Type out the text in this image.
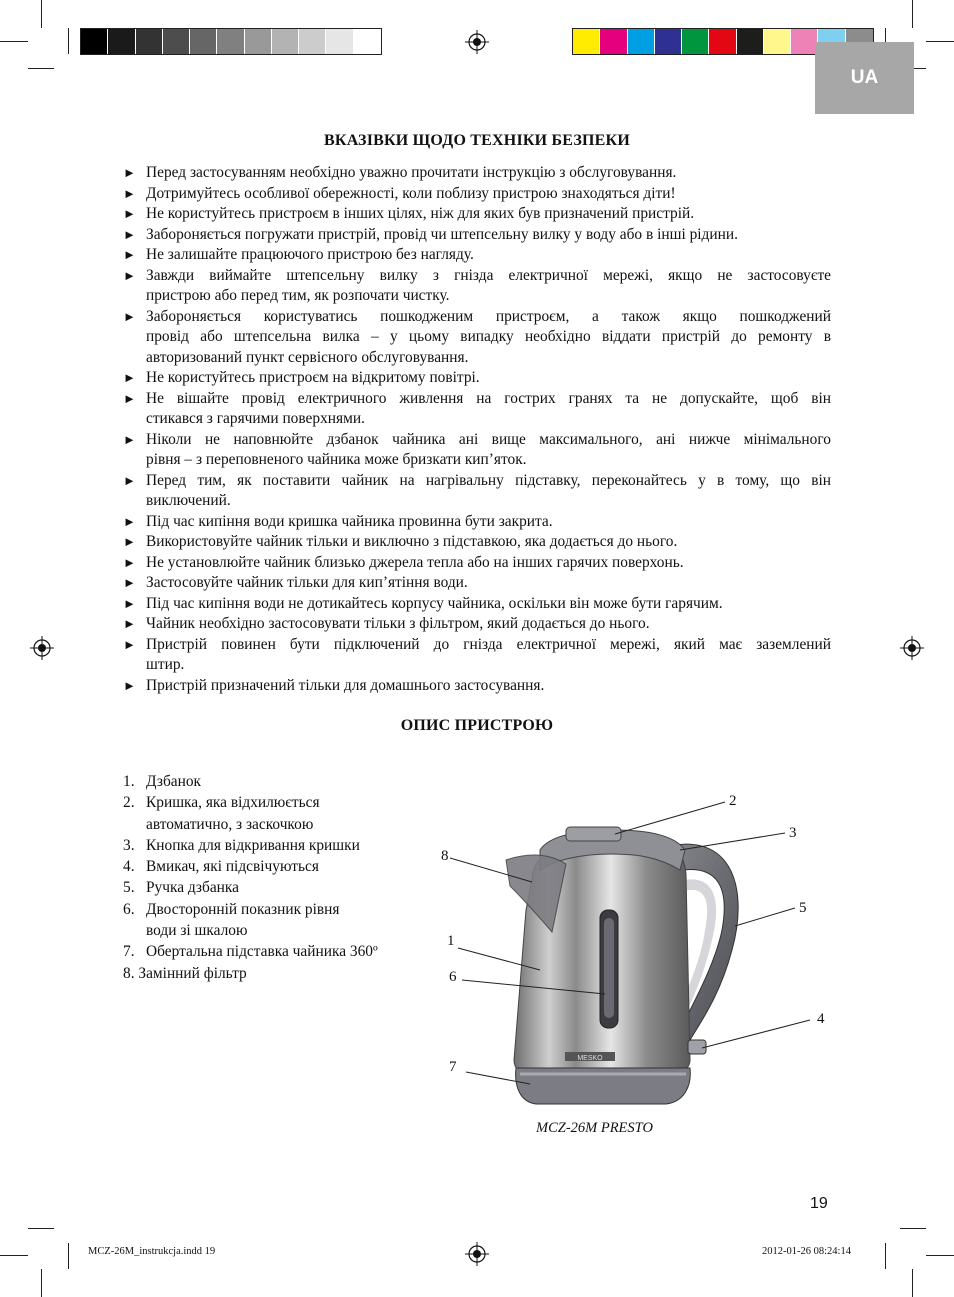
UA
ВКАЗІВКИ ЩОДО ТЕХНІКИ БЕЗПЕКИ
► Перед застосуванням необхідно уважно прочитати інструкцію з обслуговування.
► Дотримуйтесь особливої обережності, коли поблизу пристрою знаходяться діти!
► Не користуйтесь пристроєм в інших цілях, ніж для яких був призначений пристрій.
► Забороняється погружати пристрій, провід чи штепсельну вилку у воду або в інші рідини.
► Не залишайте працюючого пристрою без нагляду.
► Завжди виймайте штепсельну вилку з гнізда електричної мережі, якщо не застосовуєте
пристрою або перед тим, як розпочати чистку.
► Забороняється користуватись пошкодженим пристроєм, а також якщо пошкоджений
провід або штепсельна вилка – у цьому випадку необхідно віддати пристрій до ремонту в
авторизований пункт сервісного обслуговування.
► Не користуйтесь пристроєм на відкритому повітрі.
► Не вішайте провід електричного живлення на гострих гранях та не допускайте, щоб він
стикався з гарячими поверхнями.
► Ніколи не наповнюйте дзбанок чайника ані вище максимального, ані нижче мінімального
рівня – з переповненого чайника може бризкати кип’яток.
► Перед тим, як поставити чайник на нагрівальну підставку, переконайтесь у в тому, що він
виключений.
► Під час кипіння води кришка чайника провинна бути закрита.
► Використовуйте чайник тільки и виключно з підставкою, яка додається до нього.
► Не установлюйте чайник близько джерела тепла або на інших гарячих поверхонь.
► Застосовуйте чайник тільки для кип’ятіння води.
► Під час кипіння води не дотикайтесь корпусу чайника, оскільки він може бути гарячим.
► Чайник необхідно застосовувати тільки з фільтром, який додається до нього.
► Пристрій повинен бути підключений до гнізда електричної мережі, який має заземлений
штир.
► Пристрій призначений тільки для домашнього застосування.
ОПИС ПРИСТРОЮ
1. Дзбанок
2. Кришка, яка відхилюється
автоматично, з заскочкою
3. Кнопка для відкривання кришки
4. Вмикач, які підсвічуються
5. Ручка дзбанка
6. Двосторонній показник рівня
води зі шкалою
7. Обертальна підставка чайника 360º
8. Замінний фільтр
MESKO
2
3
8
5
1
6
4
7
MCZ-26M PRESTO
19
MCZ-26M_instrukcja.indd 19	2012-01-26 08:24:14
